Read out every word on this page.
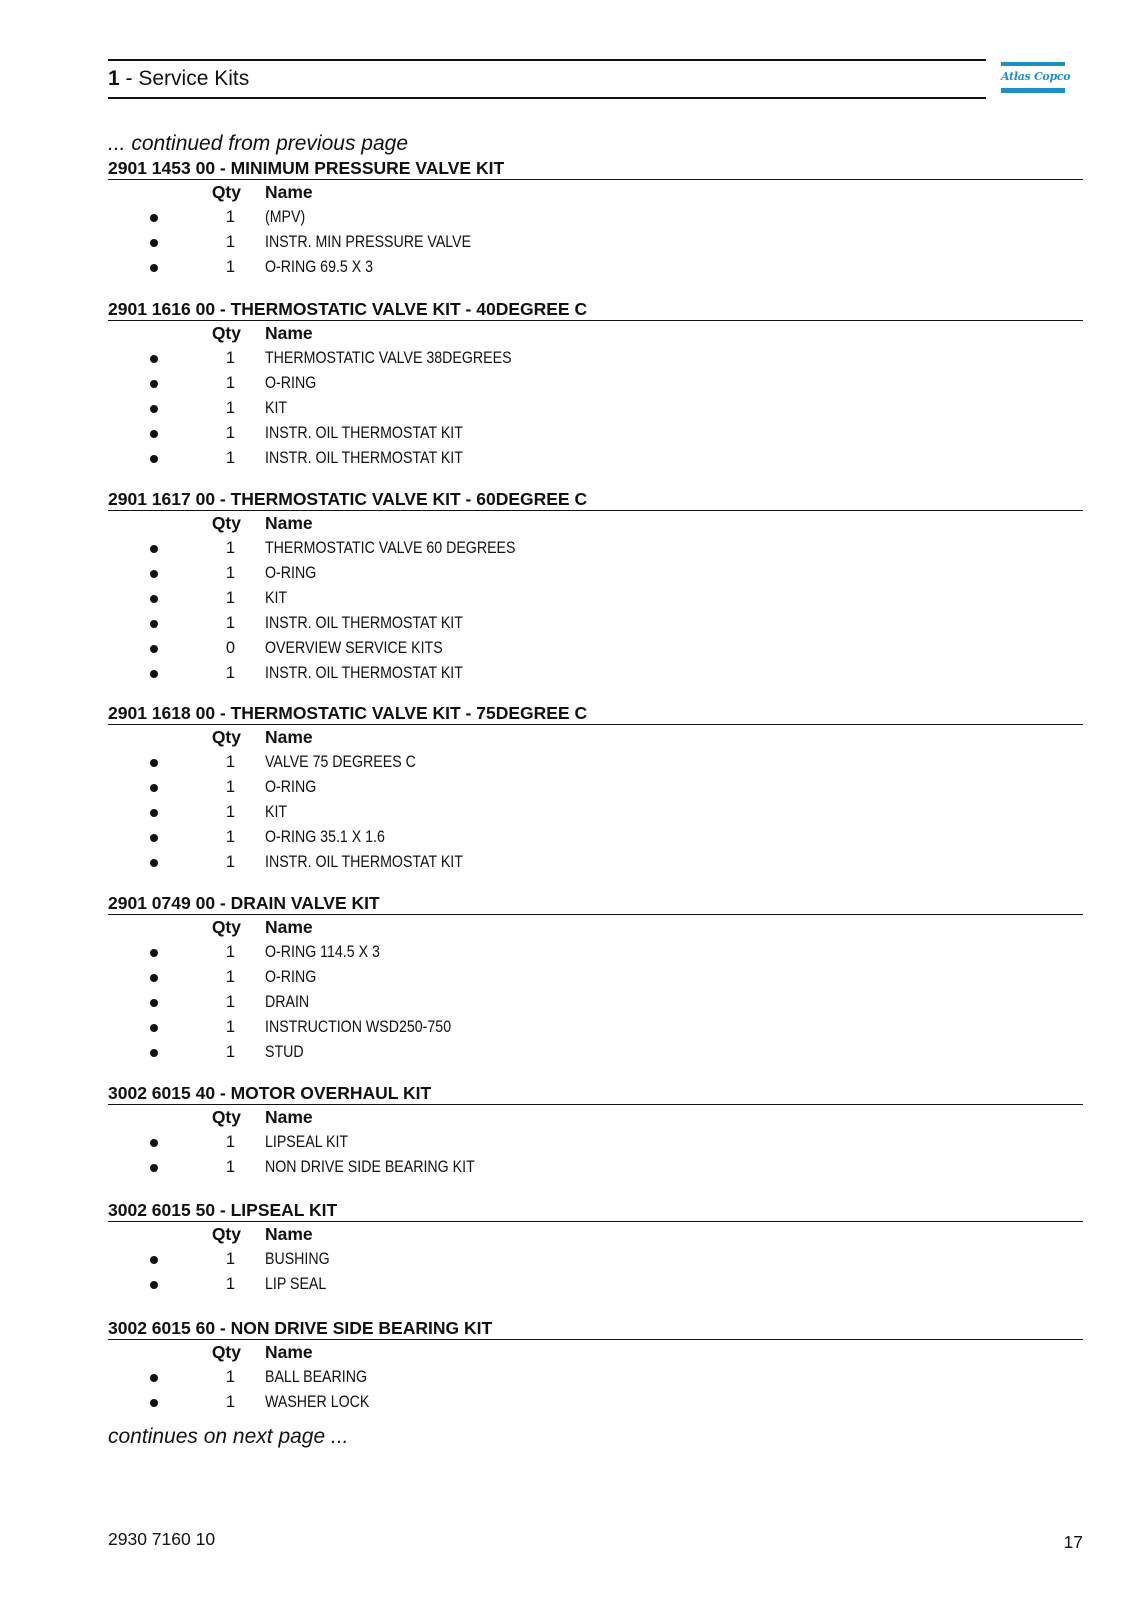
1 - Service Kits	Atlas Copco
... continued from previous page
2901 1453 00 - MINIMUM PRESSURE VALVE KIT
Qty Name
1 (MPV)
1 INSTR. MIN PRESSURE VALVE
1 O-RING 69.5 X 3
2901 1616 00 - THERMOSTATIC VALVE KIT - 40DEGREE C
Qty Name
1 THERMOSTATIC VALVE 38DEGREES
1 O-RING
1 KIT
1 INSTR. OIL THERMOSTAT KIT
1 INSTR. OIL THERMOSTAT KIT
2901 1617 00 - THERMOSTATIC VALVE KIT - 60DEGREE C
Qty Name
1 THERMOSTATIC VALVE 60 DEGREES
1 O-RING
1 KIT
1 INSTR. OIL THERMOSTAT KIT
0 OVERVIEW SERVICE KITS
1 INSTR. OIL THERMOSTAT KIT
2901 1618 00 - THERMOSTATIC VALVE KIT - 75DEGREE C
Qty Name
1 VALVE 75 DEGREES C
1 O-RING
1 KIT
1 O-RING 35.1 X 1.6
1 INSTR. OIL THERMOSTAT KIT
2901 0749 00 - DRAIN VALVE KIT
Qty Name
1 O-RING 114.5 X 3
1 O-RING
1 DRAIN
1 INSTRUCTION WSD250-750
1 STUD
3002 6015 40 - MOTOR OVERHAUL KIT
Qty Name
1 LIPSEAL KIT
1 NON DRIVE SIDE BEARING KIT
3002 6015 50 - LIPSEAL KIT
Qty Name
1 BUSHING
1 LIP SEAL
3002 6015 60 - NON DRIVE SIDE BEARING KIT
Qty Name
1 BALL BEARING
1 WASHER LOCK
continues on next page ...
2930 7160 10	17
